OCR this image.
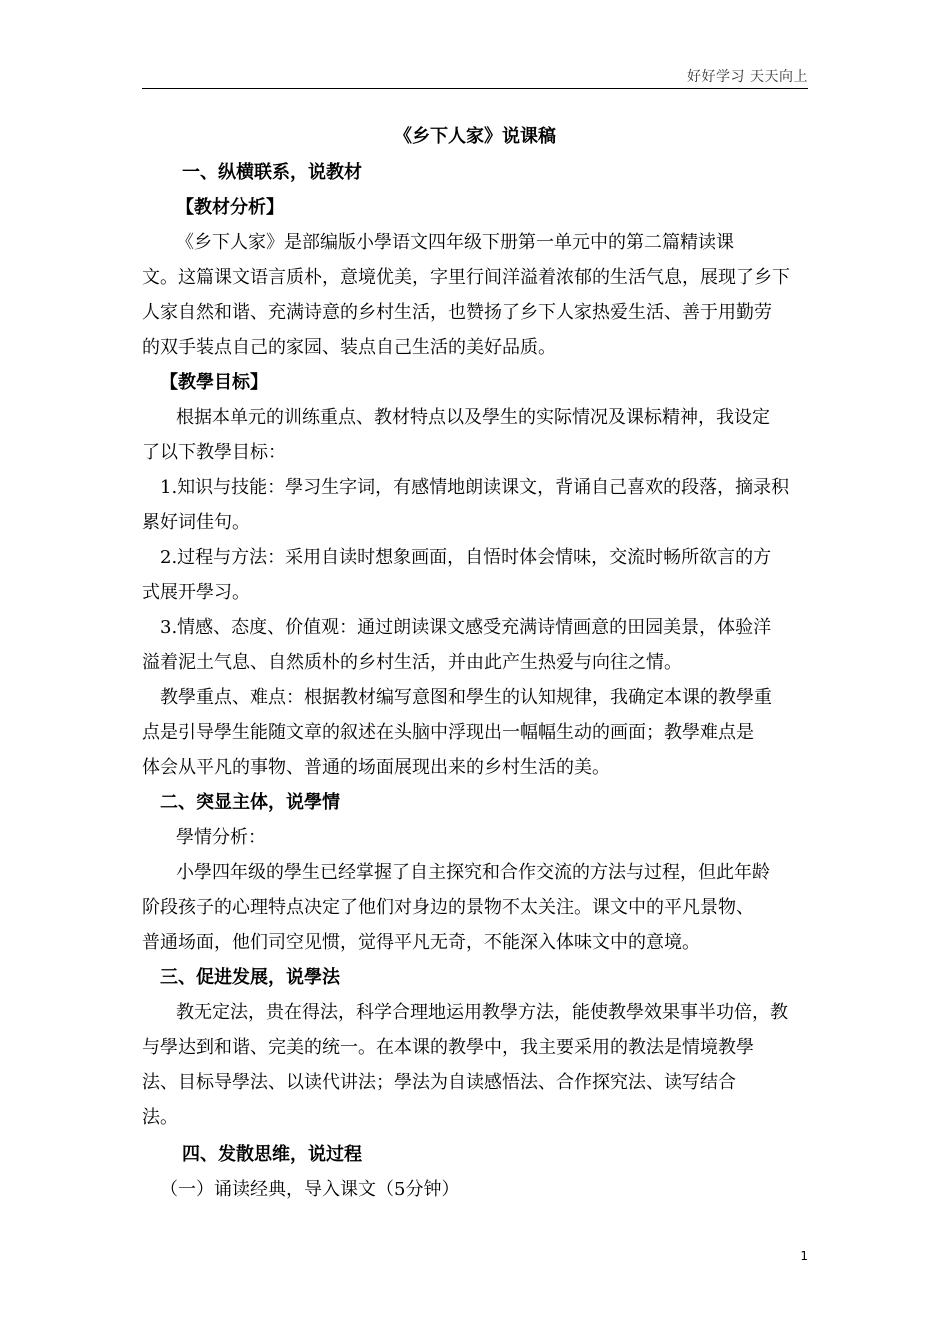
好好学习 天天向上
《乡下人家》说课稿
一、纵横联系，说教材
【教材分析】
《乡下人家》是部编版小學语文四年级下册第一单元中的第二篇精读课
文。这篇课文语言质朴，意境优美，字里行间洋溢着浓郁的生活气息，展现了乡下
人家自然和谐、充满诗意的乡村生活，也赞扬了乡下人家热爱生活、善于用勤劳
的双手装点自己的家园、装点自己生活的美好品质。
【教學目标】
根据本单元的训练重点、教材特点以及學生的实际情况及课标精神，我设定
了以下教學目标：
1.知识与技能：學习生字词，有感情地朗读课文，背诵自己喜欢的段落，摘录积
累好词佳句。
2.过程与方法：采用自读时想象画面，自悟时体会情味，交流时畅所欲言的方
式展开學习。
3.情感、态度、价值观：通过朗读课文感受充满诗情画意的田园美景，体验洋
溢着泥土气息、自然质朴的乡村生活，并由此产生热爱与向往之情。
教學重点、难点：根据教材编写意图和學生的认知规律，我确定本课的教學重
点是引导學生能随文章的叙述在头脑中浮现出一幅幅生动的画面；教學难点是
体会从平凡的事物、普通的场面展现出来的乡村生活的美。
二、突显主体，说學情
學情分析：
小學四年级的學生已经掌握了自主探究和合作交流的方法与过程，但此年龄
阶段孩子的心理特点决定了他们对身边的景物不太关注。课文中的平凡景物、
普通场面，他们司空见惯，觉得平凡无奇，不能深入体味文中的意境。
三、促进发展，说學法
教无定法，贵在得法，科学合理地运用教學方法，能使教學效果事半功倍，教
与學达到和谐、完美的统一。在本课的教學中，我主要采用的教法是情境教學
法、目标导學法、以读代讲法；學法为自读感悟法、合作探究法、读写结合
法。
四、发散思维，说过程
（一）诵读经典，导入课文（5分钟）
1
